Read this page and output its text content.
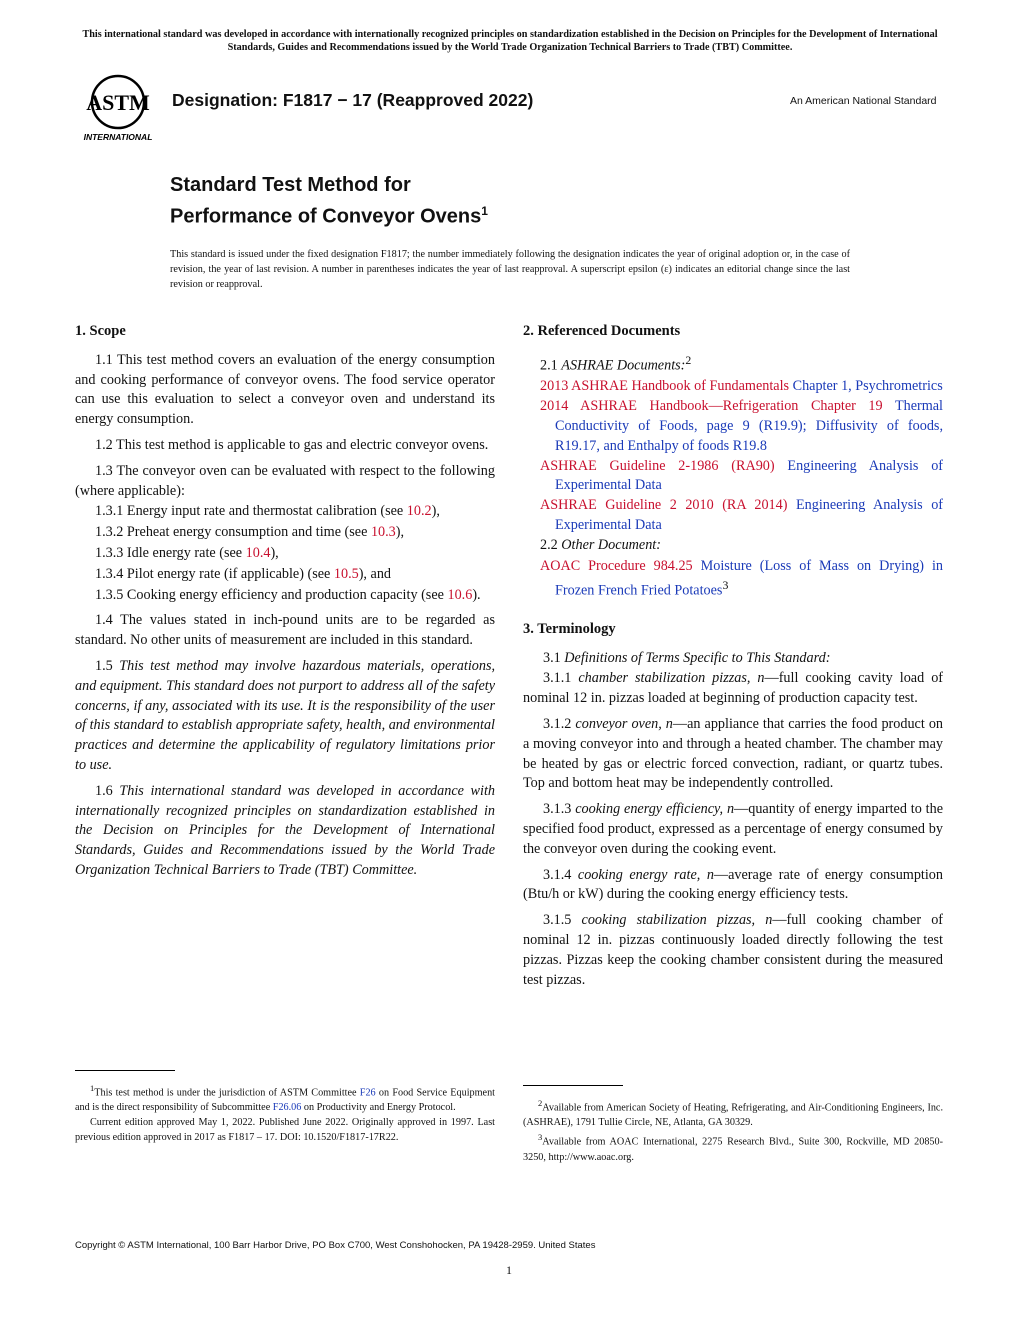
This international standard was developed in accordance with internationally recognized principles on standardization established in the Decision on Principles for the Development of International Standards, Guides and Recommendations issued by the World Trade Organization Technical Barriers to Trade (TBT) Committee.
ASTM
INTERNATIONAL
Designation: F1817 − 17 (Reapproved 2022)	An American National Standard
Standard Test Method for
Performance of Conveyor Ovens$^1$
This standard is issued under the fixed designation F1817; the number immediately following the designation indicates the year of original adoption or, in the case of revision, the year of last revision. A number in parentheses indicates the year of last reapproval. A superscript epsilon (ε) indicates an editorial change since the last revision or reapproval.
1. Scope

1.1 This test method covers an evaluation of the energy consumption and cooking performance of conveyor ovens. The food service operator can use this evaluation to select a conveyor oven and understand its energy consumption.

1.2 This test method is applicable to gas and electric conveyor ovens.

1.3 The conveyor oven can be evaluated with respect to the following (where applicable):

1.3.1 Energy input rate and thermostat calibration (see 10.2),

1.3.2 Preheat energy consumption and time (see 10.3),

1.3.3 Idle energy rate (see 10.4),

1.3.4 Pilot energy rate (if applicable) (see 10.5), and

1.3.5 Cooking energy efficiency and production capacity (see 10.6).

1.4 The values stated in inch-pound units are to be regarded as standard. No other units of measurement are included in this standard.

1.5 This test method may involve hazardous materials, operations, and equipment. This standard does not purport to address all of the safety concerns, if any, associated with its use. It is the responsibility of the user of this standard to establish appropriate safety, health, and environmental practices and determine the applicability of regulatory limitations prior to use.

1.6 This international standard was developed in accordance with internationally recognized principles on standardization established in the Decision on Principles for the Development of International Standards, Guides and Recommendations issued by the World Trade Organization Technical Barriers to Trade (TBT) Committee.

2. Referenced Documents

2.1 ASHRAE Documents:$^2$

2013 ASHRAE Handbook of Fundamentals Chapter 1, Psychrometrics

2014 ASHRAE Handbook—Refrigeration Chapter 19 Thermal Conductivity of Foods, page 9 (R19.9); Diffusivity of foods, R19.17, and Enthalpy of foods R19.8

ASHRAE Guideline 2-1986 (RA90) Engineering Analysis of Experimental Data

ASHRAE Guideline 2 2010 (RA 2014) Engineering Analysis of Experimental Data

2.2 Other Document:

AOAC Procedure 984.25 Moisture (Loss of Mass on Drying) in Frozen French Fried Potatoes$^3$

3. Terminology

3.1 Definitions of Terms Specific to This Standard:

3.1.1 chamber stabilization pizzas, n—full cooking cavity load of nominal 12 in. pizzas loaded at beginning of production capacity test.

3.1.2 conveyor oven, n—an appliance that carries the food product on a moving conveyor into and through a heated chamber. The chamber may be heated by gas or electric forced convection, radiant, or quartz tubes. Top and bottom heat may be independently controlled.

3.1.3 cooking energy efficiency, n—quantity of energy imparted to the specified food product, expressed as a percentage of energy consumed by the conveyor oven during the cooking event.

3.1.4 cooking energy rate, n—average rate of energy consumption (Btu/h or kW) during the cooking energy efficiency tests.

3.1.5 cooking stabilization pizzas, n—full cooking chamber of nominal 12 in. pizzas continuously loaded directly following the test pizzas. Pizzas keep the cooking chamber consistent during the measured test pizzas.

$^1$This test method is under the jurisdiction of ASTM Committee F26 on Food Service Equipment and is the direct responsibility of Subcommittee F26.06 on Productivity and Energy Protocol.

Current edition approved May 1, 2022. Published June 2022. Originally approved in 1997. Last previous edition approved in 2017 as F1817 – 17. DOI: 10.1520/F1817-17R22.

$^2$Available from American Society of Heating, Refrigerating, and Air-Conditioning Engineers, Inc. (ASHRAE), 1791 Tullie Circle, NE, Atlanta, GA 30329.

$^3$Available from AOAC International, 2275 Research Blvd., Suite 300, Rockville, MD 20850-3250, http://www.aoac.org.

Copyright © ASTM International, 100 Barr Harbor Drive, PO Box C700, West Conshohocken, PA 19428-2959. United States
1
